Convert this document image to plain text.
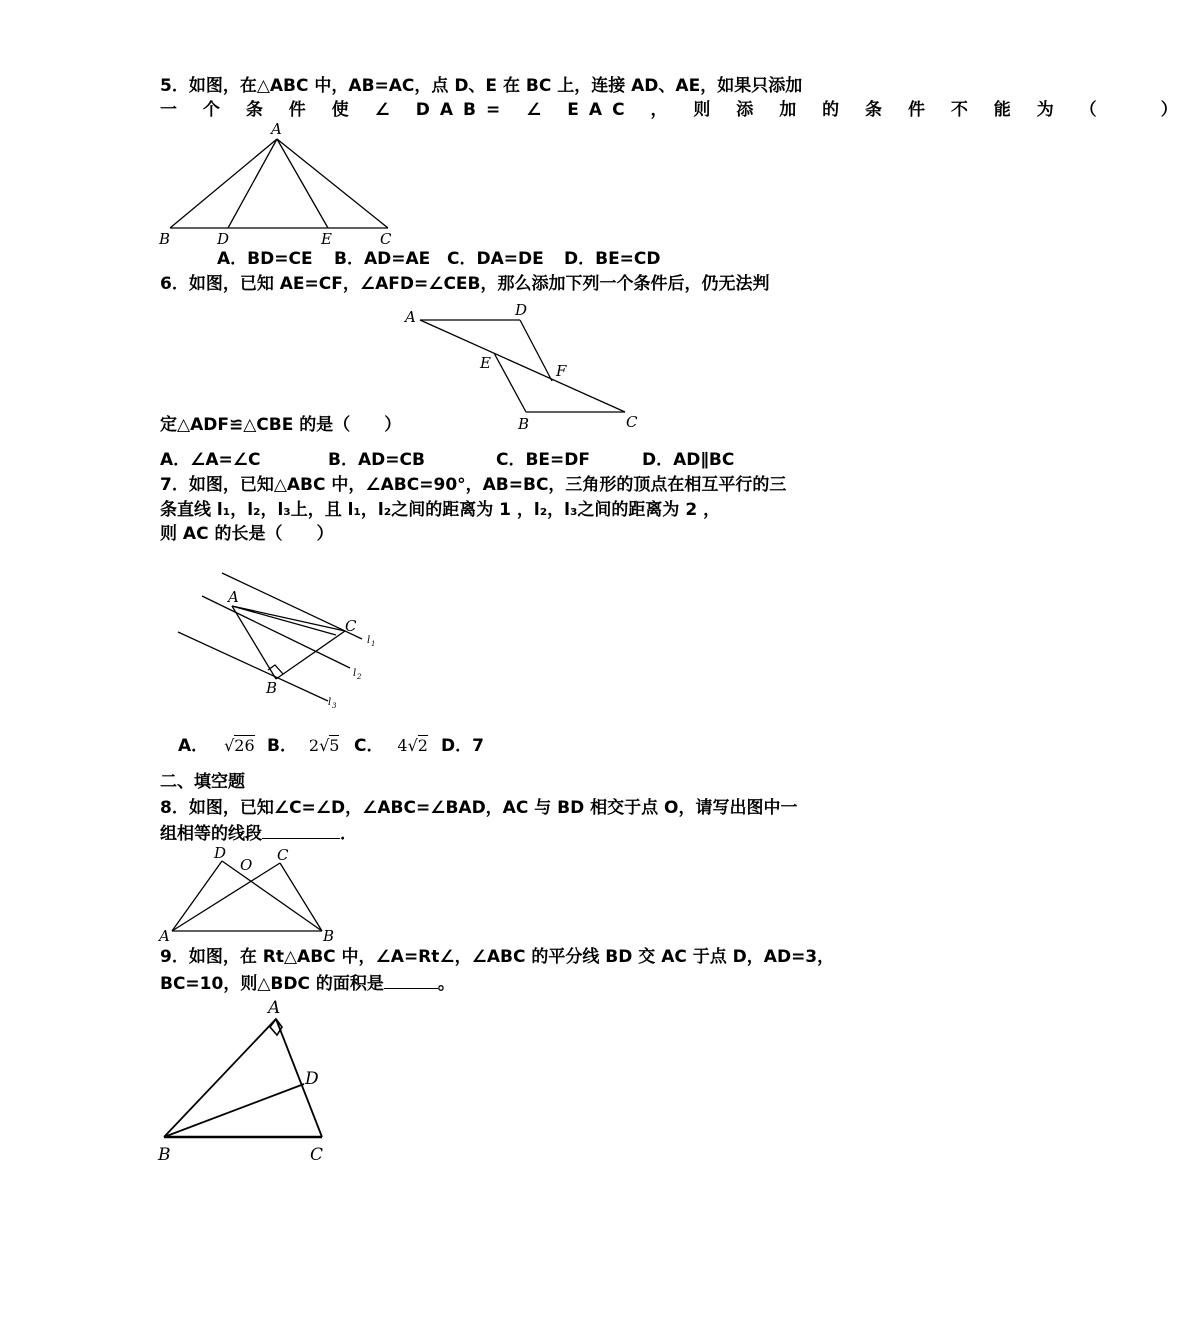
5．如图，在△ABC 中，AB=AC，点 D、E 在 BC 上，连接 AD、AE，如果只添加
一 个 条 件 使 ∠ DAB= ∠ EAC ， 则 添 加 的 条 件 不 能 为 （　　）
A
B	D	E	C
A．BD=CE B．AD=AE C．DA=DE D．BE=CD
6．如图，已知 AE=CF，∠AFD=∠CEB，那么添加下列一个条件后，仍无法判
A	D
E	F
B	C
定△ADF≌△CBE 的是（　　）
A．∠A=∠C	B．AD=CB	C．BE=DF	D．AD∥BC
7．如图，已知△ABC 中，∠ABC=90°，AB=BC，三角形的顶点在相互平行的三
条直线 l₁，l₂，l₃上，且 l₁，l₂之间的距离为 1 ，l₂，l₃之间的距离为 2 ，
则 AC 的长是（　　）
A
C
B
l 1
l 2
l 3
A． √26 B． 2√5 C． 4√2 D．7
二、填空题
8．如图，已知∠C=∠D，∠ABC=∠BAD，AC 与 BD 相交于点 O，请写出图中一
组相等的线段	．
D
O
C
A	B
9．如图，在 Rt△ABC 中，∠A=Rt∠，∠ABC 的平分线 BD 交 AC 于点 D，AD=3，
BC=10，则△BDC 的面积是	。
A
D
B	C
